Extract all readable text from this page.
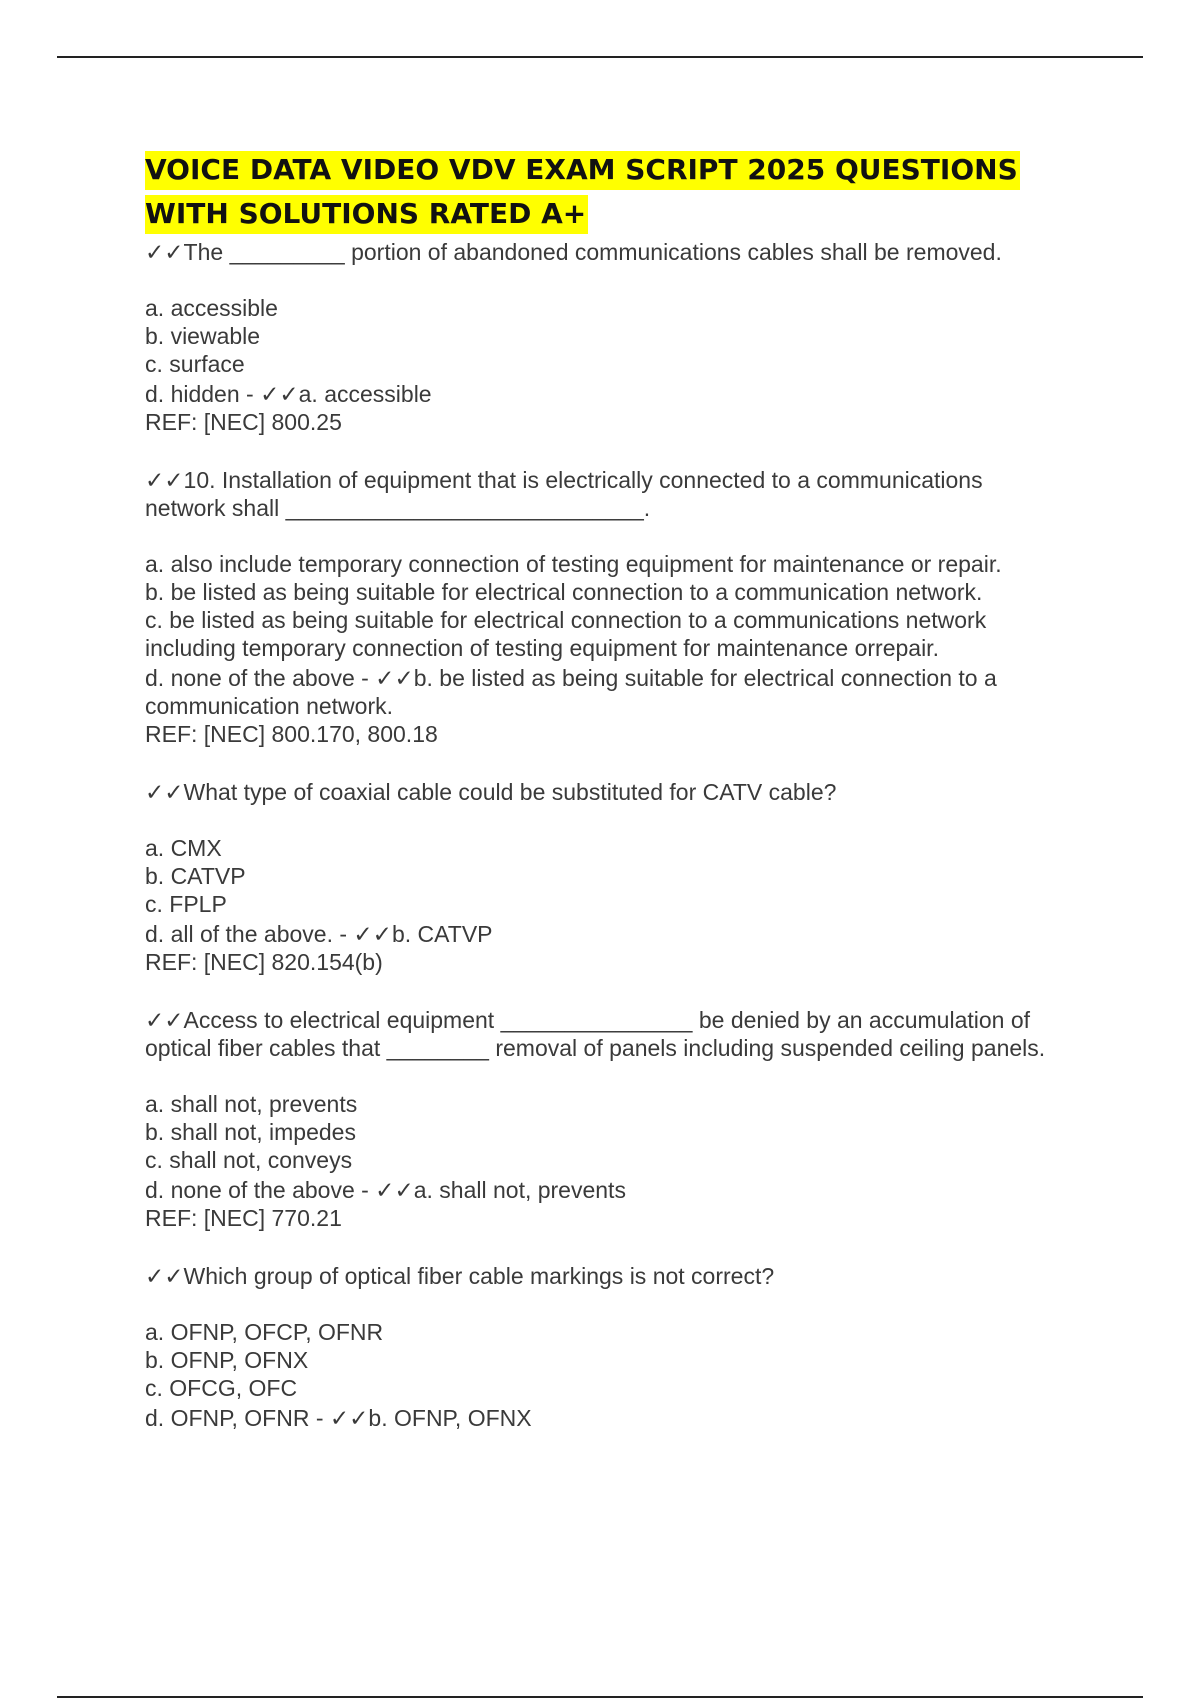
VOICE DATA VIDEO VDV EXAM SCRIPT 2025 QUESTIONS
WITH SOLUTIONS RATED A+

✓✓The _________ portion of abandoned communications cables shall be removed.

a. accessible

b. viewable

c. surface

d. hidden - ✓✓a. accessible

REF: [NEC] 800.25

✓✓10. Installation of equipment that is electrically connected to a communications

network shall ____________________________.

a. also include temporary connection of testing equipment for maintenance or repair.

b. be listed as being suitable for electrical connection to a communication network.

c. be listed as being suitable for electrical connection to a communications network

including temporary connection of testing equipment for maintenance orrepair.

d. none of the above - ✓✓b. be listed as being suitable for electrical connection to a

communication network.

REF: [NEC] 800.170, 800.18

✓✓What type of coaxial cable could be substituted for CATV cable?

a. CMX

b. CATVP

c. FPLP

d. all of the above. - ✓✓b. CATVP

REF: [NEC] 820.154(b)

✓✓Access to electrical equipment _______________ be denied by an accumulation of

optical fiber cables that ________ removal of panels including suspended ceiling panels.

a. shall not, prevents

b. shall not, impedes

c. shall not, conveys

d. none of the above - ✓✓a. shall not, prevents

REF: [NEC] 770.21

✓✓Which group of optical fiber cable markings is not correct?

a. OFNP, OFCP, OFNR

b. OFNP, OFNX

c. OFCG, OFC

d. OFNP, OFNR - ✓✓b. OFNP, OFNX
